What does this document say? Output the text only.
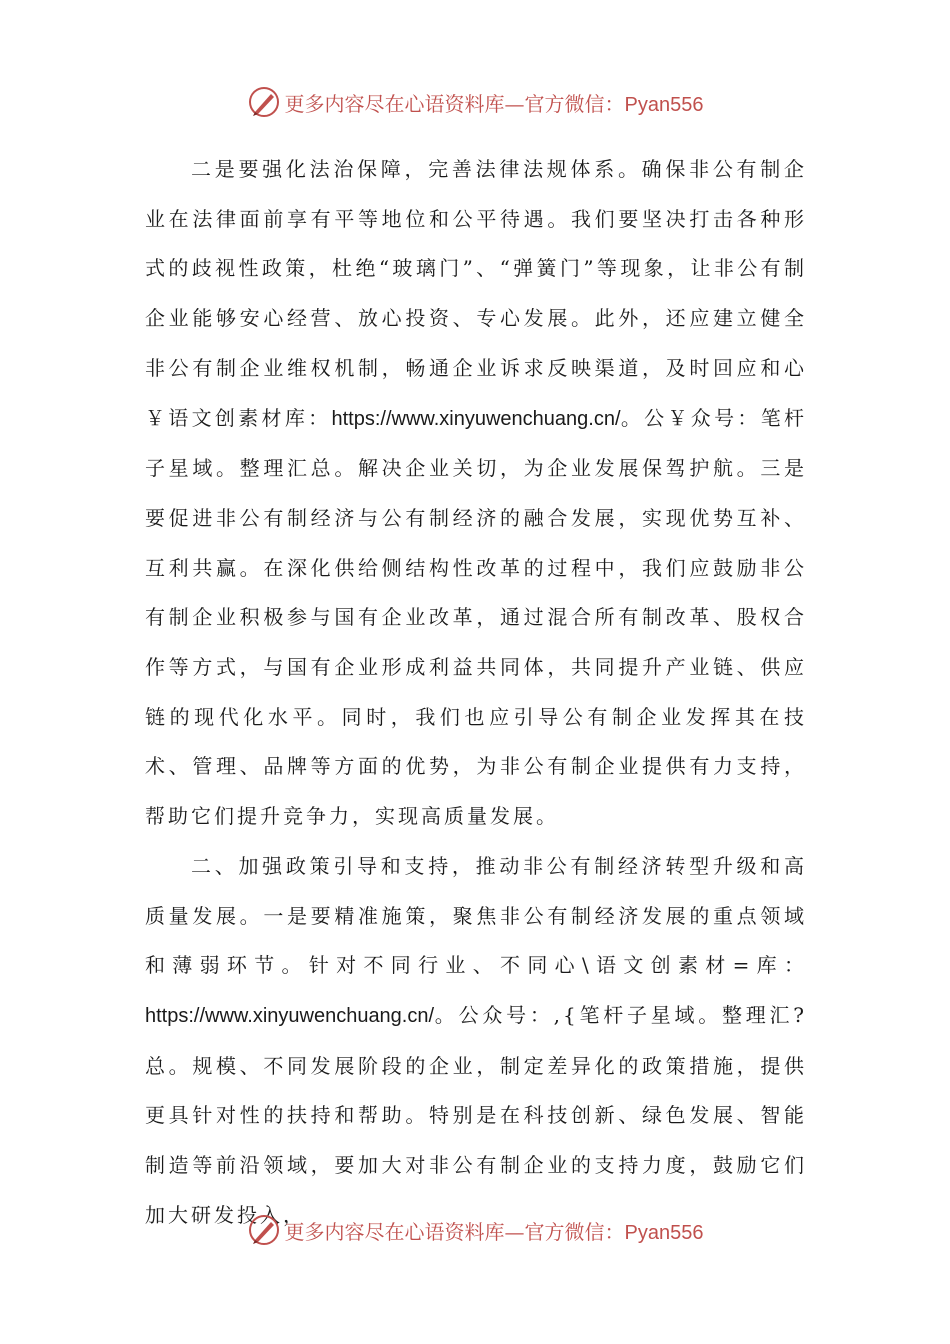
更多内容尽在心语资料库—官方微信：Pyan556

二是要强化法治保障，完善法律法规体系。确保非公有制企业在法律面前享有平等地位和公平待遇。我们要坚决打击各种形式的歧视性政策，杜绝“玻璃门”、“弹簧门”等现象，让非公有制企业能够安心经营、放心投资、专心发展。此外，还应建立健全非公有制企业维权机制，畅通企业诉求反映渠道，及时回应和心￥语文创素材库：https://www.xinyuwenchuang.cn/。公￥众号：笔杆子星域。整理汇总。解决企业关切，为企业发展保驾护航。三是要促进非公有制经济与公有制经济的融合发展，实现优势互补、互利共赢。在深化供给侧结构性改革的过程中，我们应鼓励非公有制企业积极参与国有企业改革，通过混合所有制改革、股权合作等方式，与国有企业形成利益共同体，共同提升产业链、供应链的现代化水平。同时，我们也应引导公有制企业发挥其在技术、管理、品牌等方面的优势，为非公有制企业提供有力支持，帮助它们提升竞争力，实现高质量发展。

二、加强政策引导和支持，推动非公有制经济转型升级和高质量发展。一是要精准施策，聚焦非公有制经济发展的重点领域和薄弱环节。针对不同行业、不同心\语文创素材=库：https://www.xinyuwenchuang.cn/。公众号：,{笔杆子星域。整理汇?总。规模、不同发展阶段的企业，制定差异化的政策措施，提供更具针对性的扶持和帮助。特别是在科技创新、绿色发展、智能制造等前沿领域，要加大对非公有制企业的支持力度，鼓励它们加大研发投入，

更多内容尽在心语资料库—官方微信：Pyan556
